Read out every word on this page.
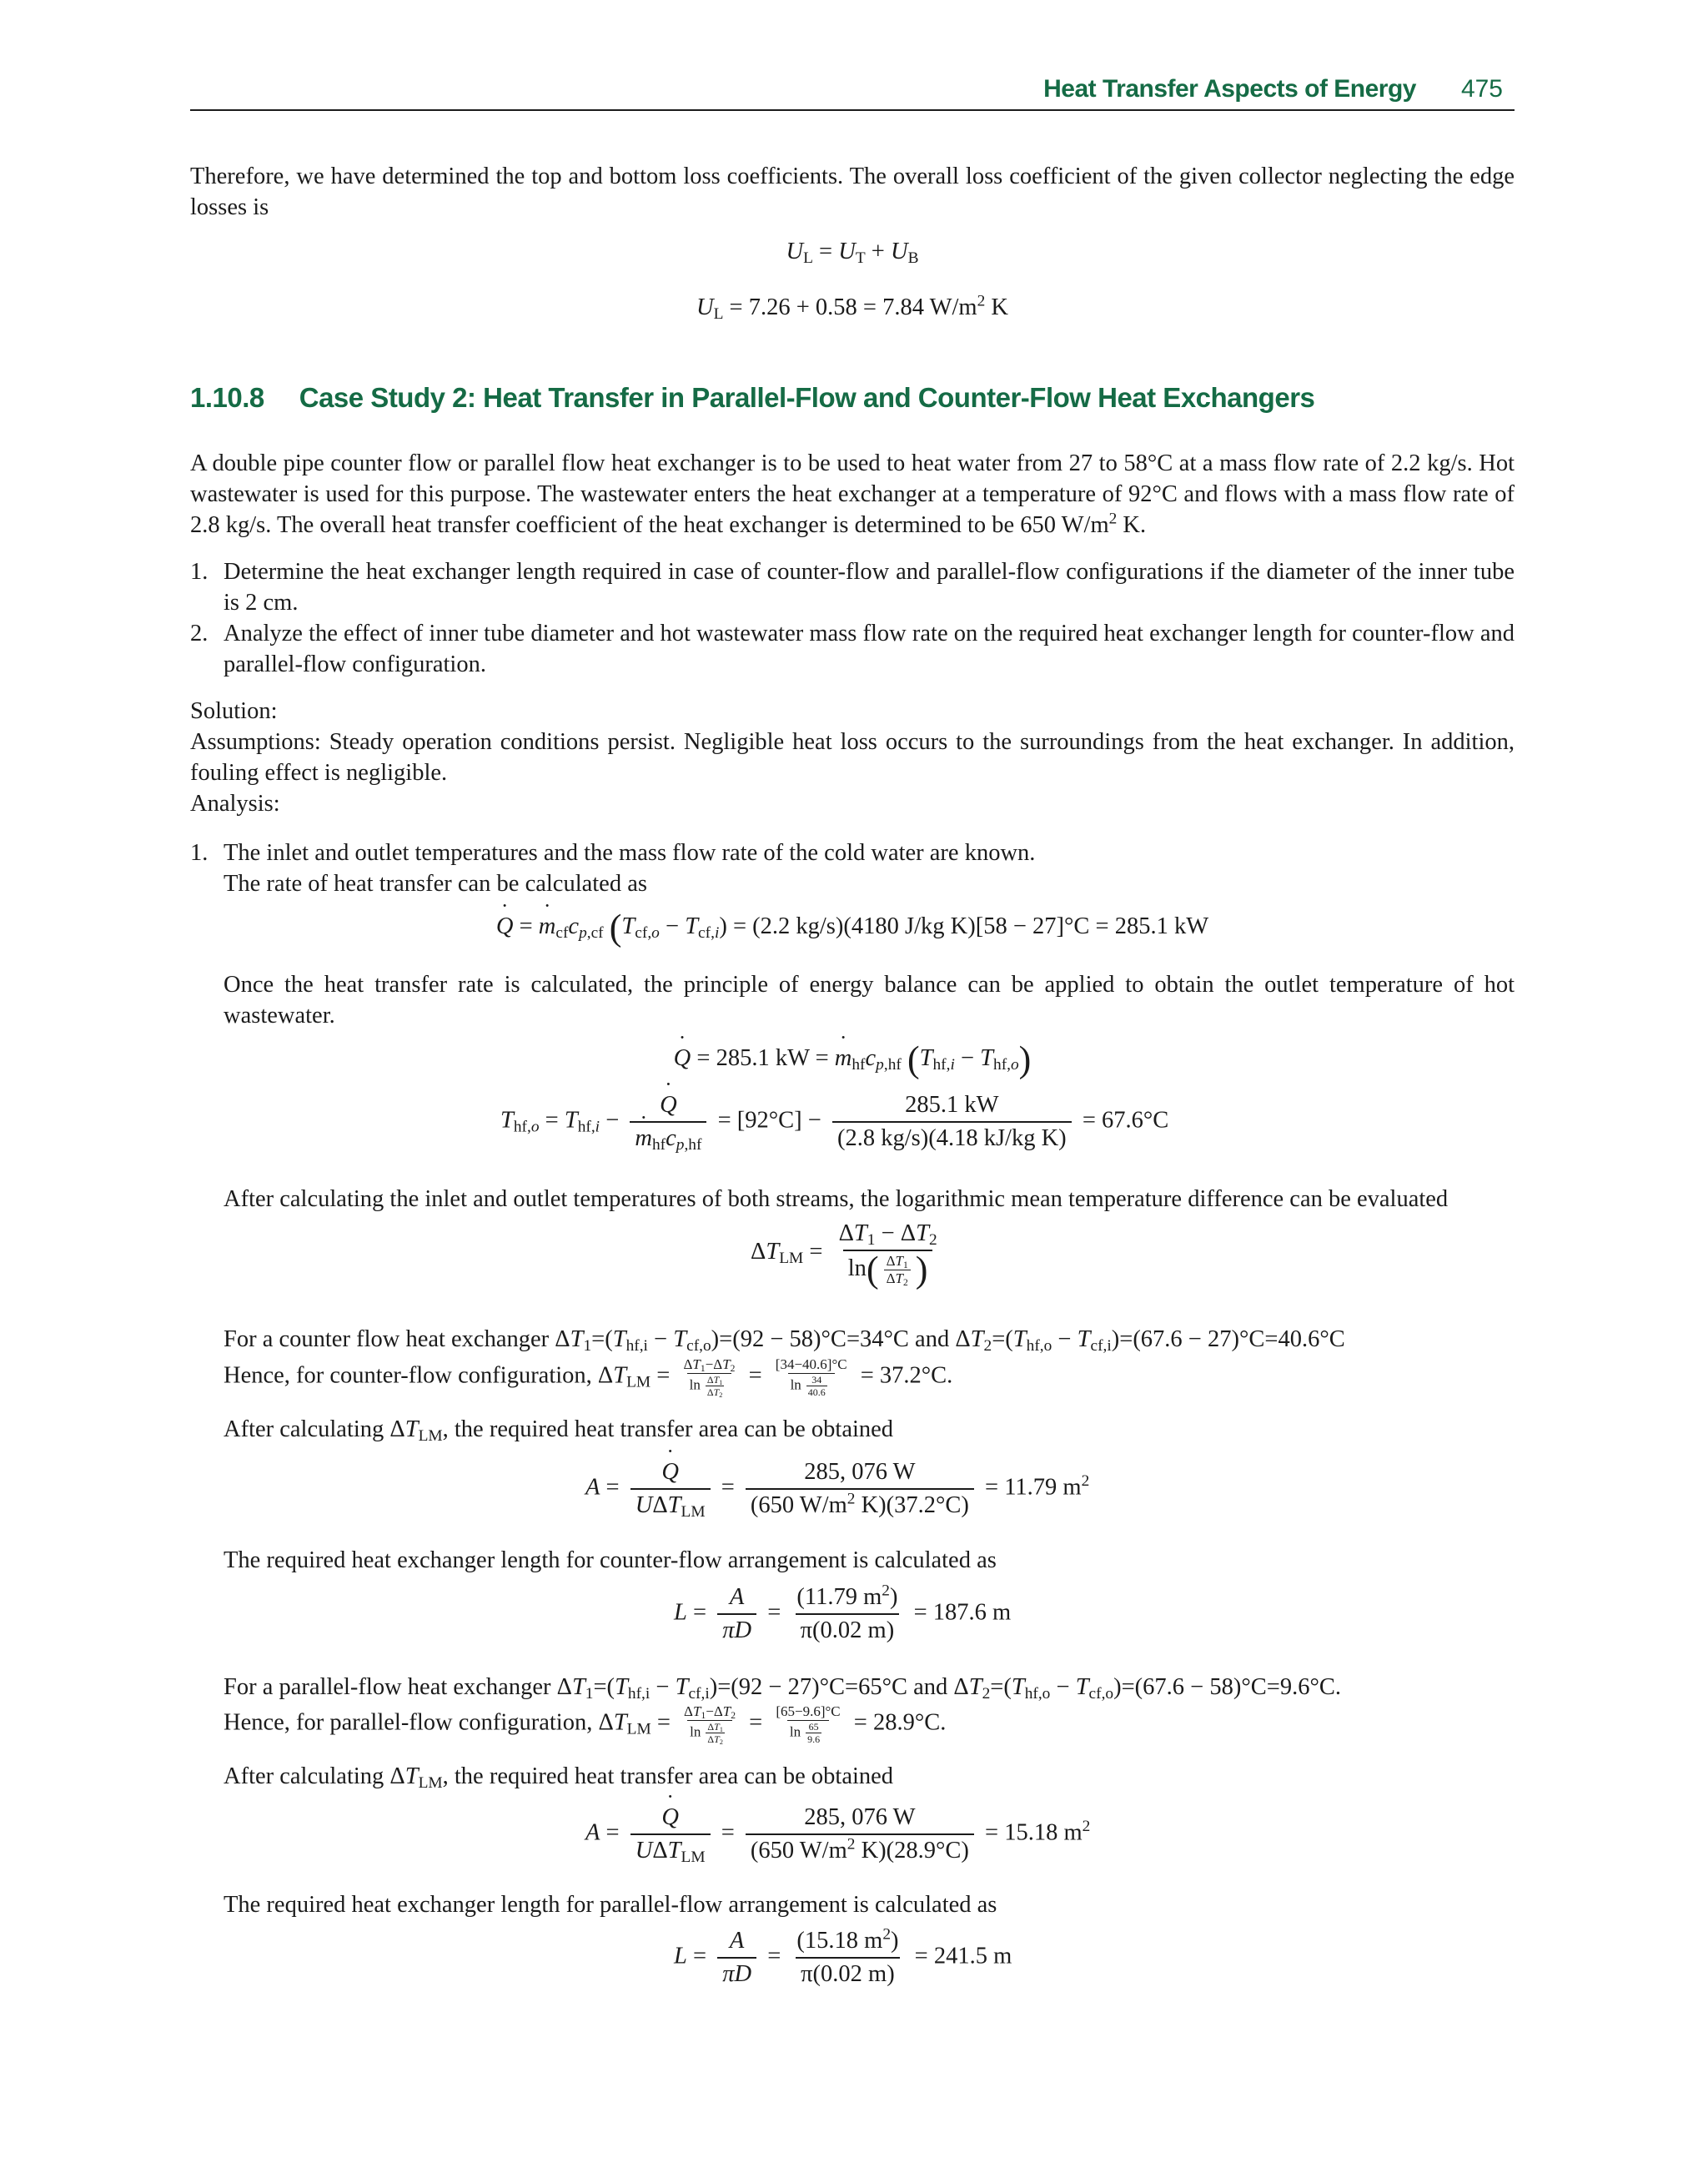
Heat Transfer Aspects of Energy 475
Therefore, we have determined the top and bottom loss coefficients. The overall loss coefficient of the given collector neglecting the edge losses is
$U_L = U_T + U_B$
$U_L = 7.26 + 0.58 = 7.84$ $W/m^2$ K
1.10.8 Case Study 2: Heat Transfer in Parallel-Flow and Counter-Flow Heat Exchangers
A double pipe counter flow or parallel flow heat exchanger is to be used to heat water from 27 to 58°C at a mass flow rate of 2.2 kg/s. Hot wastewater is used for this purpose. The wastewater enters the heat exchanger at a temperature of 92°C and flows with a mass flow rate of 2.8 kg/s. The overall heat transfer coefficient of the heat exchanger is determined to be 650 $W/m^2$ K.
1. Determine the heat exchanger length required in case of counter-flow and parallel-flow configurations if the diameter of the inner tube is 2 cm.
2. Analyze the effect of inner tube diameter and hot wastewater mass flow rate on the required heat exchanger length for counter-flow and parallel-flow configuration.
Solution:
Assumptions: Steady operation conditions persist. Negligible heat loss occurs to the surroundings from the heat exchanger. In addition, fouling effect is negligible.
Analysis:
1. The inlet and outlet temperatures and the mass flow rate of the cold water are known.
The rate of heat transfer can be calculated as
˙ Q = ˙ $m_{cf}c_{p,cf}$ $(T_{cf,o} - T_{cf,i}) = (2.2$ kg/s)(4180 J/kg K)[58 − 27]°C = 285.1 kW
Once the heat transfer rate is calculated, the principle of energy balance can be applied to obtain the outlet temperature of hot wastewater.
˙ Q = 285.1 kW = ˙ $m_{hf}c_{p,hf}$ $(T_{hf,i} - T_{hf,o})$
$T_{hf,o} = T_{hf,i}$ − ˙ Q
˙ $m_{hf}c_{p,hf} = [92^\circ C] - \frac{285.1 kW}{\text{(2.8 kg/s)(4.18 kJ/kg K)}} = 67.6^\circ C$
After calculating the inlet and outlet temperatures of both streams, the logarithmic mean temperature difference can be evaluated
$\Delta T_{LM} = \frac{\Delta T_1 - \Delta T_2}{\ln( \frac{\Delta T_1}{\Delta T_2} )}$
For a counter flow heat exchanger $\Delta T_1=(T_{hf,i} - T_{cf,o})=(92 - 58)^\circ C=34^\circ C$ and $\Delta T_2=(T_{hf,o} - T_{cf,i})=(67.6 - 27)^\circ C=40.6^\circ C$
Hence, for counter-flow configuration, $\Delta T_{LM} = \frac{\Delta T_1-\Delta T_2}{\ln \frac{\Delta T_1}{\Delta T_2}} = \frac{[34-40.6]^\circ C}{\ln \frac{34}{40.6}} = 37.2^\circ C$.
After calculating $\Delta T_{LM}$, the required heat transfer area can be obtained
A = ˙ $\frac{Q}{U\Delta T_{LM}} = \frac{285, 076 W}{(650 W/m^2 K)(37.2^\circ C)} = 11.79$ $m^2$
The required heat exchanger length for counter-flow arrangement is calculated as
$L = \frac{A}{\pi D} = \frac{(11.79 m^2)}{\pi(0.02 m)} = 187.6$ m
For a parallel-flow heat exchanger $\Delta T_1=(T_{hf,i} - T_{cf,i})=(92 - 27)^\circ C=65^\circ C$ and $\Delta T_2=(T_{hf,o} - T_{cf,o})=(67.6 - 58)^\circ C=9.6^\circ C$.
Hence, for parallel-flow configuration, $\Delta T_{LM} = \frac{\Delta T_1-\Delta T_2}{\ln \frac{\Delta T_1}{\Delta T_2}} = \frac{[65-9.6]^\circ C}{\ln \frac{65}{9.6}} = 28.9^\circ C$.
After calculating $\Delta T_{LM}$, the required heat transfer area can be obtained
A = ˙ $\frac{Q}{U\Delta T_{LM}} = \frac{285, 076 W}{(650 W/m^2 K)(28.9^\circ C)} = 15.18$ $m^2$
The required heat exchanger length for parallel-flow arrangement is calculated as
$L = \frac{A}{\pi D} = \frac{(15.18 m^2)}{\pi(0.02 m)} = 241.5$ m
